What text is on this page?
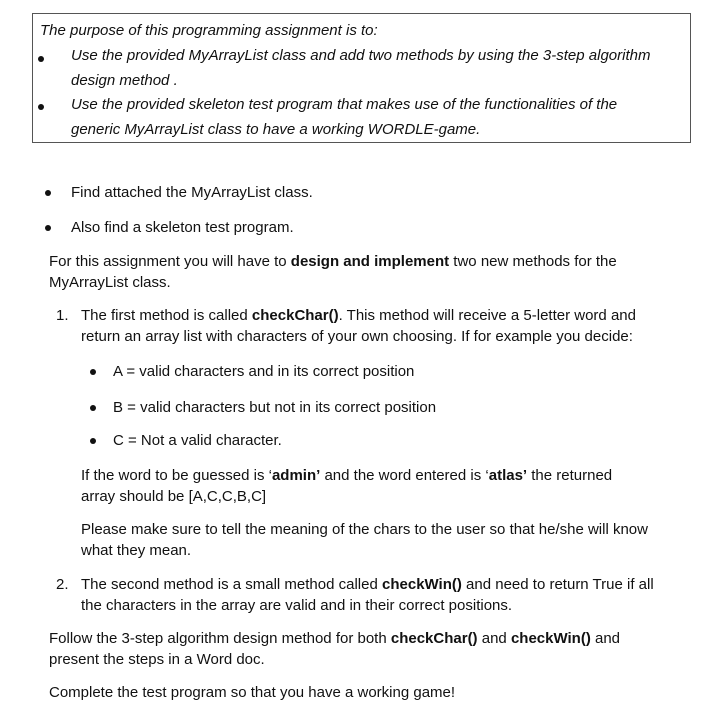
The purpose of this programming assignment is to:
Use the provided MyArrayList class and add two methods by using the 3-step algorithm
design method .
Use the provided skeleton test program that makes use of the functionalities of the
generic MyArrayList class to have a working WORDLE-game.
Find attached the MyArrayList class.
Also find a skeleton test program.
For this assignment you will have to design and implement two new methods for the
MyArrayList class.
1. The first method is called checkChar(). This method will receive a 5-letter word and
return an array list with characters of your own choosing. If for example you decide:
A = valid characters and in its correct position
B = valid characters but not in its correct position
C = Not a valid character.
If the word to be guessed is ‘admin’ and the word entered is ‘atlas’ the returned
array should be [A,C,C,B,C]
Please make sure to tell the meaning of the chars to the user so that he/she will know
what they mean.
2. The second method is a small method called checkWin() and need to return True if all
the characters in the array are valid and in their correct positions.
Follow the 3-step algorithm design method for both checkChar() and checkWin() and
present the steps in a Word doc.
Complete the test program so that you have a working game!
